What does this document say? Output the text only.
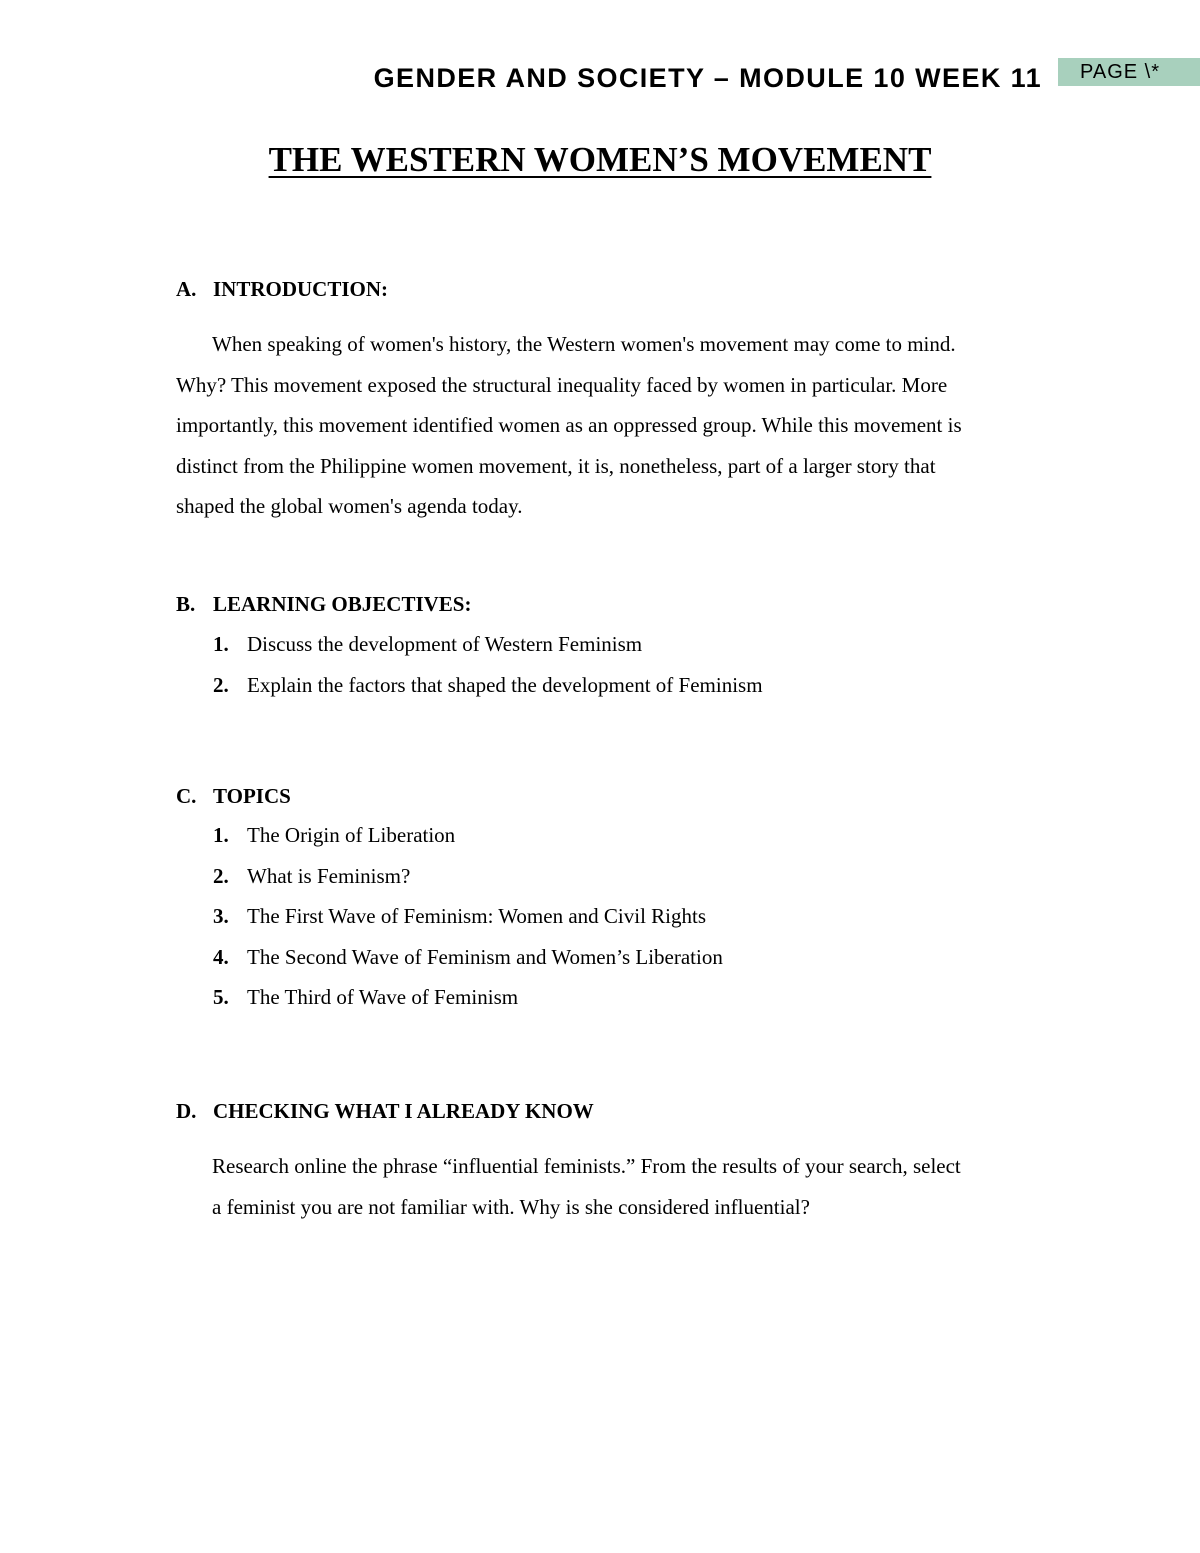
GENDER AND SOCIETY – MODULE 10 WEEK 11	PAGE \*
THE WESTERN WOMEN’S MOVEMENT
A. INTRODUCTION:
When speaking of women's history, the Western women's movement may come to mind.
Why? This movement exposed the structural inequality faced by women in particular. More
importantly, this movement identified women as an oppressed group. While this movement is
distinct from the Philippine women movement, it is, nonetheless, part of a larger story that
shaped the global women's agenda today.
B. LEARNING OBJECTIVES:
1. Discuss the development of Western Feminism
2. Explain the factors that shaped the development of Feminism
C. TOPICS
1. The Origin of Liberation
2. What is Feminism?
3. The First Wave of Feminism: Women and Civil Rights
4. The Second Wave of Feminism and Women’s Liberation
5. The Third of Wave of Feminism
D. CHECKING WHAT I ALREADY KNOW
Research online the phrase “influential feminists.” From the results of your search, select
a feminist you are not familiar with. Why is she considered influential?
